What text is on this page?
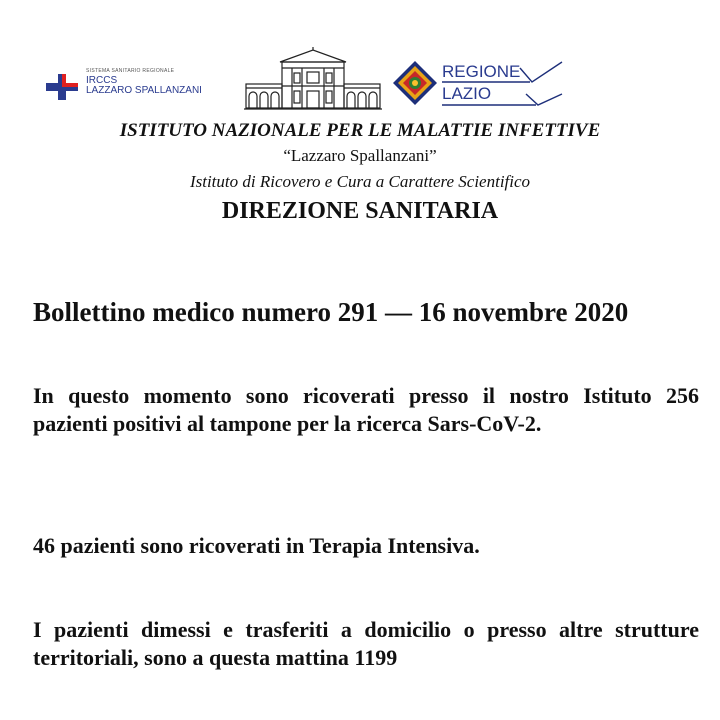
SISTEMA SANITARIO REGIONALE
IRCCS
LAZZARO SPALLANZANI
REGIONE
LAZIO
ISTITUTO NAZIONALE PER LE MALATTIE INFETTIVE
“Lazzaro Spallanzani”
Istituto di Ricovero e Cura a Carattere Scientifico
DIREZIONE SANITARIA
Bollettino medico numero 291 — 16 novembre 2020
In questo momento sono ricoverati presso il nostro Istituto 256 pazienti positivi al tampone per la ricerca Sars-CoV-2.
46 pazienti sono ricoverati in Terapia Intensiva.
I pazienti dimessi e trasferiti a domicilio o presso altre strutture territoriali, sono a questa mattina 1199
